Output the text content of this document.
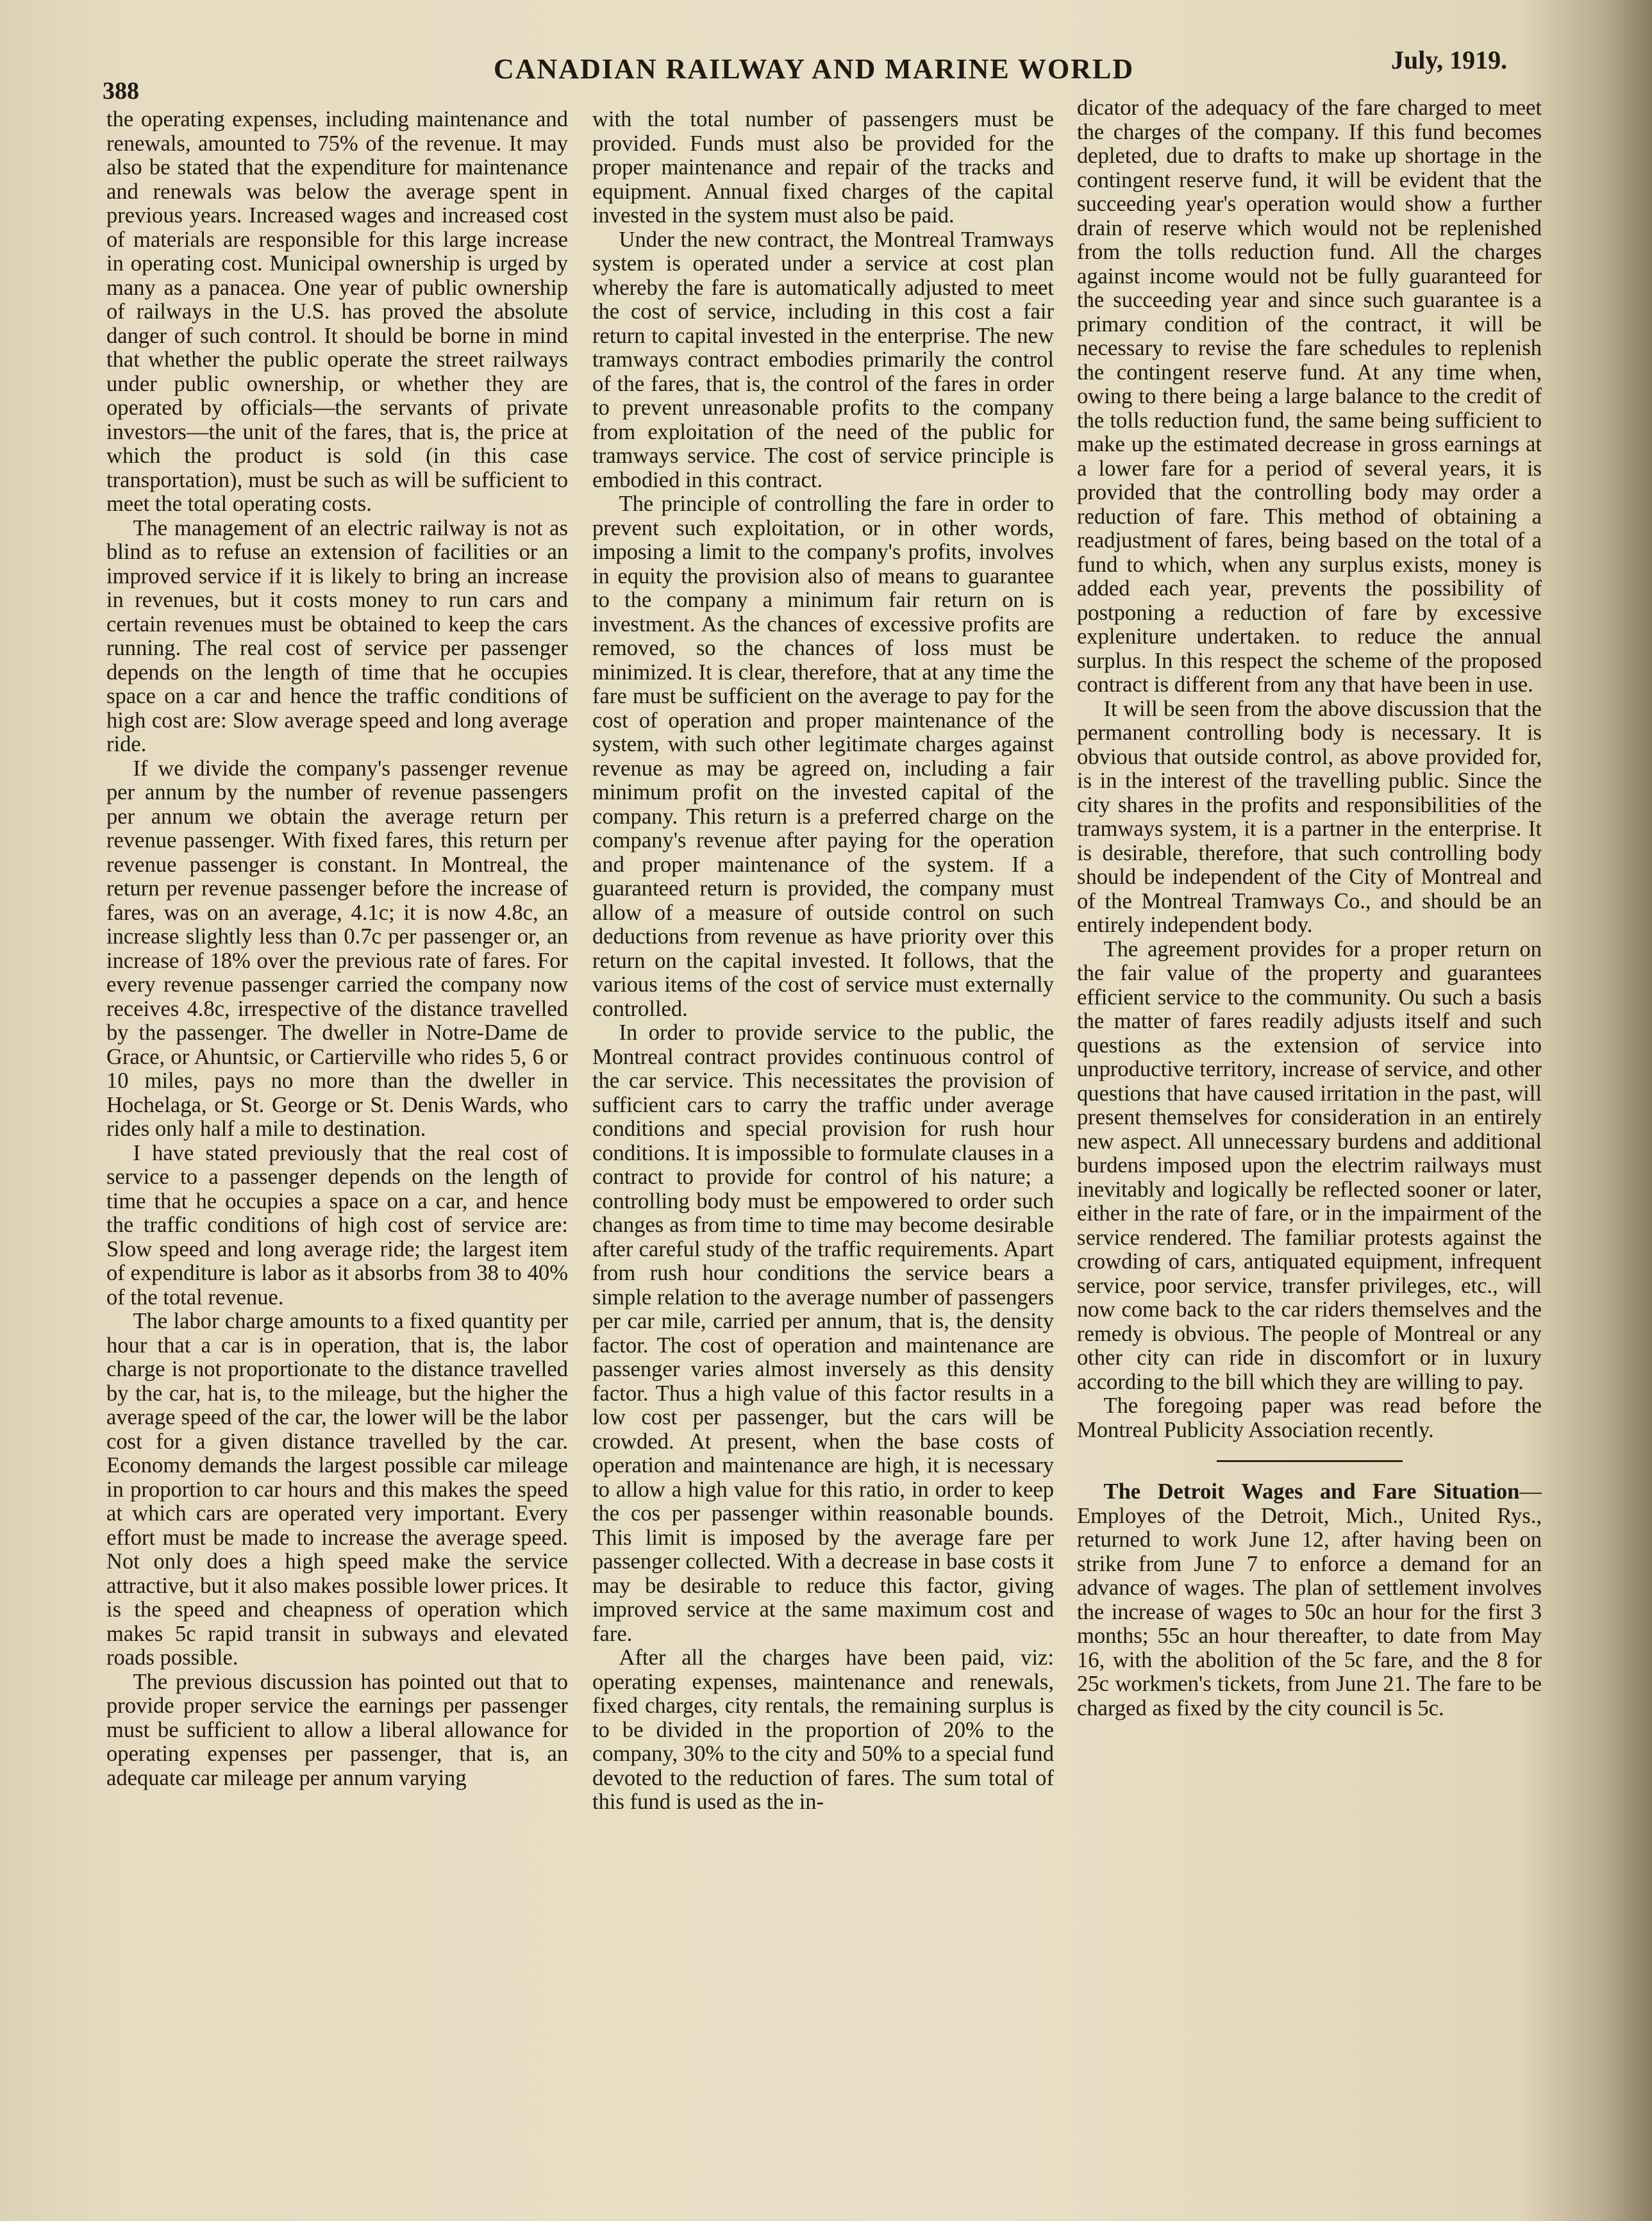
388
CANADIAN RAILWAY AND MARINE WORLD	July, 1919.

the operating expenses, including maintenance and renewals, amounted to 75% of the revenue. It may also be stated that the expenditure for maintenance and renewals was below the average spent in previous years. Increased wages and increased cost of materials are responsible for this large increase in operating cost. Municipal ownership is urged by many as a panacea. One year of public ownership of railways in the U.S. has proved the absolute danger of such control. It should be borne in mind that whether the public operate the street railways under public ownership, or whether they are operated by officials—the servants of private investors—the unit of the fares, that is, the price at which the product is sold (in this case transportation), must be such as will be sufficient to meet the total operating costs.

The management of an electric railway is not as blind as to refuse an extension of facilities or an improved service if it is likely to bring an increase in revenues, but it costs money to run cars and certain revenues must be obtained to keep the cars running. The real cost of service per passenger depends on the length of time that he occupies space on a car and hence the traffic conditions of high cost are: Slow average speed and long average ride.

If we divide the company's passenger revenue per annum by the number of revenue passengers per annum we obtain the average return per revenue passenger. With fixed fares, this return per revenue passenger is constant. In Montreal, the return per revenue passenger before the increase of fares, was on an average, 4.1c; it is now 4.8c, an increase slightly less than 0.7c per passenger or, an increase of 18% over the previous rate of fares. For every revenue passenger carried the company now receives 4.8c, irrespective of the distance travelled by the passenger. The dweller in Notre-Dame de Grace, or Ahuntsic, or Cartierville who rides 5, 6 or 10 miles, pays no more than the dweller in Hochelaga, or St. George or St. Denis Wards, who rides only half a mile to destination.

I have stated previously that the real cost of service to a passenger depends on the length of time that he occupies a space on a car, and hence the traffic conditions of high cost of service are: Slow speed and long average ride; the largest item of expenditure is labor as it absorbs from 38 to 40% of the total revenue.

The labor charge amounts to a fixed quantity per hour that a car is in operation, that is, the labor charge is not proportionate to the distance travelled by the car, hat is, to the mileage, but the higher the average speed of the car, the lower will be the labor cost for a given distance travelled by the car. Economy demands the largest possible car mileage in proportion to car hours and this makes the speed at which cars are operated very important. Every effort must be made to increase the average speed. Not only does a high speed make the service attractive, but it also makes possible lower prices. It is the speed and cheapness of operation which makes 5c rapid transit in subways and elevated roads possible.

The previous discussion has pointed out that to provide proper service the earnings per passenger must be sufficient to allow a liberal allowance for operating expenses per passenger, that is, an adequate car mileage per annum varying

with the total number of passengers must be provided. Funds must also be provided for the proper maintenance and repair of the tracks and equipment. Annual fixed charges of the capital invested in the system must also be paid.

Under the new contract, the Montreal Tramways system is operated under a service at cost plan whereby the fare is automatically adjusted to meet the cost of service, including in this cost a fair return to capital invested in the enterprise. The new tramways contract embodies primarily the control of the fares, that is, the control of the fares in order to prevent unreasonable profits to the company from exploitation of the need of the public for tramways service. The cost of service principle is embodied in this contract.

The principle of controlling the fare in order to prevent such exploitation, or in other words, imposing a limit to the company's profits, involves in equity the provision also of means to guarantee to the company a minimum fair return on is investment. As the chances of excessive profits are removed, so the chances of loss must be minimized. It is clear, therefore, that at any time the fare must be sufficient on the average to pay for the cost of operation and proper maintenance of the system, with such other legitimate charges against revenue as may be agreed on, including a fair minimum profit on the invested capital of the company. This return is a preferred charge on the company's revenue after paying for the operation and proper maintenance of the system. If a guaranteed return is provided, the company must allow of a measure of outside control on such deductions from revenue as have priority over this return on the capital invested. It follows, that the various items of the cost of service must externally controlled.

In order to provide service to the public, the Montreal contract provides continuous control of the car service. This necessitates the provision of sufficient cars to carry the traffic under average conditions and special provision for rush hour conditions. It is impossible to formulate clauses in a contract to provide for control of his nature; a controlling body must be empowered to order such changes as from time to time may become desirable after careful study of the traffic requirements. Apart from rush hour conditions the service bears a simple relation to the average number of passengers per car mile, carried per annum, that is, the density factor. The cost of operation and maintenance are passenger varies almost inversely as this density factor. Thus a high value of this factor results in a low cost per passenger, but the cars will be crowded. At present, when the base costs of operation and maintenance are high, it is necessary to allow a high value for this ratio, in order to keep the cos per passenger within reasonable bounds. This limit is imposed by the average fare per passenger collected. With a decrease in base costs it may be desirable to reduce this factor, giving improved service at the same maximum cost and fare.

After all the charges have been paid, viz: operating expenses, maintenance and renewals, fixed charges, city rentals, the remaining surplus is to be divided in the proportion of 20% to the company, 30% to the city and 50% to a special fund devoted to the reduction of fares. The sum total of this fund is used as the in-

dicator of the adequacy of the fare charged to meet the charges of the company. If this fund becomes depleted, due to drafts to make up shortage in the contingent reserve fund, it will be evident that the succeeding year's operation would show a further drain of reserve which would not be replenished from the tolls reduction fund. All the charges against income would not be fully guaranteed for the succeeding year and since such guarantee is a primary condition of the contract, it will be necessary to revise the fare schedules to replenish the contingent reserve fund. At any time when, owing to there being a large balance to the credit of the tolls reduction fund, the same being sufficient to make up the estimated decrease in gross earnings at a lower fare for a period of several years, it is provided that the controlling body may order a reduction of fare. This method of obtaining a readjustment of fares, being based on the total of a fund to which, when any surplus exists, money is added each year, prevents the possibility of postponing a reduction of fare by excessive expleniture undertaken. to reduce the annual surplus. In this respect the scheme of the proposed contract is different from any that have been in use.

It will be seen from the above discussion that the permanent controlling body is necessary. It is obvious that outside control, as above provided for, is in the interest of the travelling public. Since the city shares in the profits and responsibilities of the tramways system, it is a partner in the enterprise. It is desirable, therefore, that such controlling body should be independent of the City of Montreal and of the Montreal Tramways Co., and should be an entirely independent body.

The agreement provides for a proper return on the fair value of the property and guarantees efficient service to the community. Ou such a basis the matter of fares readily adjusts itself and such questions as the extension of service into unproductive territory, increase of service, and other questions that have caused irritation in the past, will present themselves for consideration in an entirely new aspect. All unnecessary burdens and additional burdens imposed upon the electrim railways must inevitably and logically be reflected sooner or later, either in the rate of fare, or in the impairment of the service rendered. The familiar protests against the crowding of cars, antiquated equipment, infrequent service, poor service, transfer privileges, etc., will now come back to the car riders themselves and the remedy is obvious. The people of Montreal or any other city can ride in discomfort or in luxury according to the bill which they are willing to pay.

The foregoing paper was read before the Montreal Publicity Association recently.

The Detroit Wages and Fare Situation—Employes of the Detroit, Mich., United Rys., returned to work June 12, after having been on strike from June 7 to enforce a demand for an advance of wages. The plan of settlement involves the increase of wages to 50c an hour for the first 3 months; 55c an hour thereafter, to date from May 16, with the abolition of the 5c fare, and the 8 for 25c workmen's tickets, from June 21. The fare to be charged as fixed by the city council is 5c.
